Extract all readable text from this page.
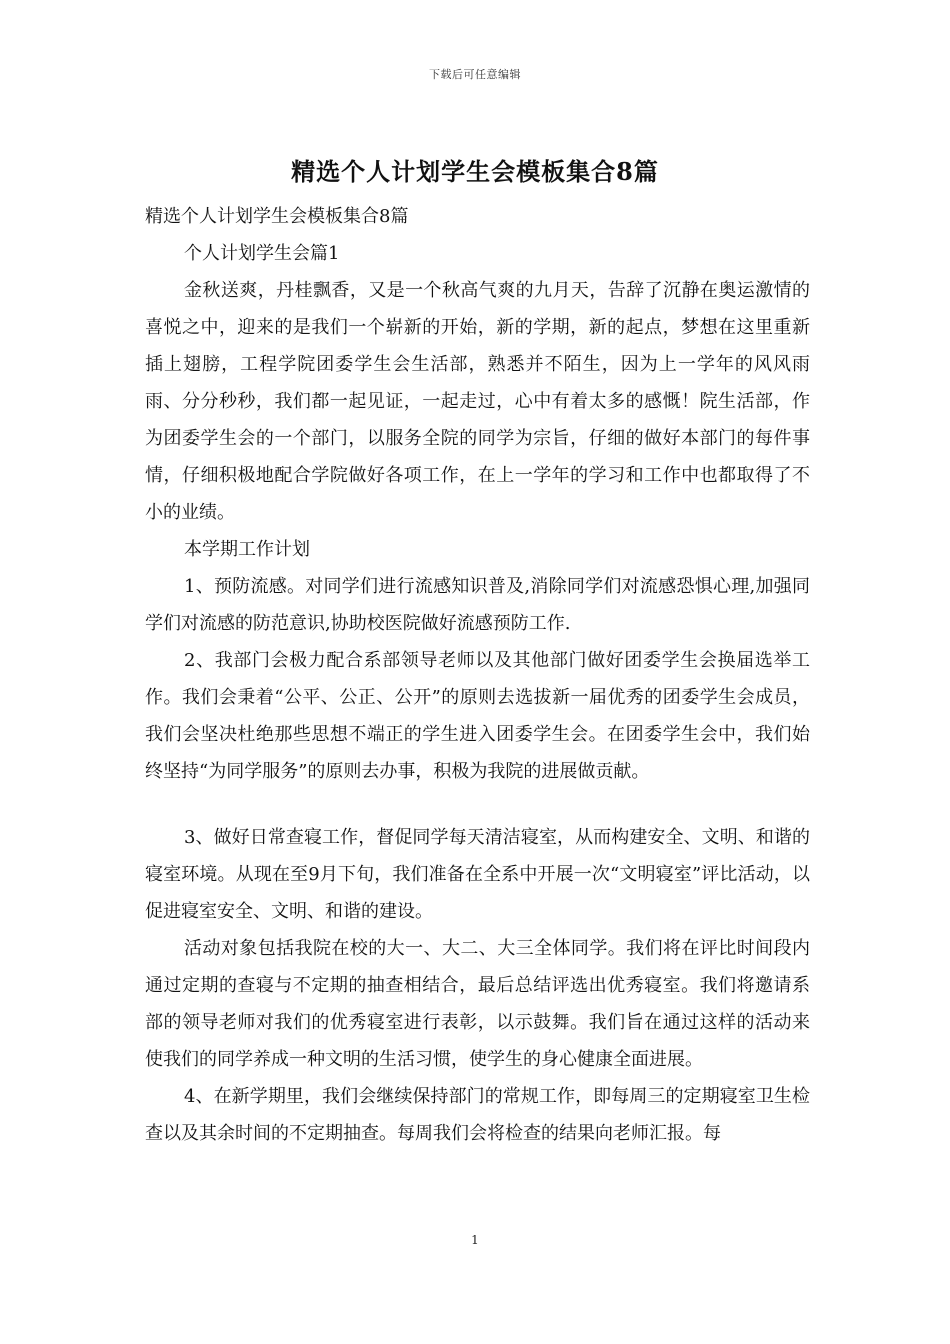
下载后可任意编辑
精选个人计划学生会模板集合8篇

精选个人计划学生会模板集合8篇

个人计划学生会篇1

金秋送爽，丹桂飘香，又是一个秋高气爽的九月天，告辞了沉静在奥运激情的喜悦之中，迎来的是我们一个崭新的开始，新的学期，新的起点，梦想在这里重新插上翅膀，工程学院团委学生会生活部，熟悉并不陌生，因为上一学年的风风雨雨、分分秒秒，我们都一起见证，一起走过，心中有着太多的感慨！院生活部，作为团委学生会的一个部门，以服务全院的同学为宗旨，仔细的做好本部门的每件事情，仔细积极地配合学院做好各项工作，在上一学年的学习和工作中也都取得了不小的业绩。

本学期工作计划

1、预防流感。对同学们进行流感知识普及,消除同学们对流感恐惧心理,加强同学们对流感的防范意识,协助校医院做好流感预防工作.

2、我部门会极力配合系部领导老师以及其他部门做好团委学生会换届选举工作。我们会秉着“公平、公正、公开”的原则去选拔新一届优秀的团委学生会成员，我们会坚决杜绝那些思想不端正的学生进入团委学生会。在团委学生会中，我们始终坚持“为同学服务”的原则去办事，积极为我院的进展做贡献。

3、做好日常查寝工作，督促同学每天清洁寝室，从而构建安全、文明、和谐的寝室环境。从现在至9月下旬，我们准备在全系中开展一次“文明寝室”评比活动，以促进寝室安全、文明、和谐的建设。

活动对象包括我院在校的大一、大二、大三全体同学。我们将在评比时间段内通过定期的查寝与不定期的抽查相结合，最后总结评选出优秀寝室。我们将邀请系部的领导老师对我们的优秀寝室进行表彰，以示鼓舞。我们旨在通过这样的活动来使我们的同学养成一种文明的生活习惯，使学生的身心健康全面进展。

4、在新学期里，我们会继续保持部门的常规工作，即每周三的定期寝室卫生检查以及其余时间的不定期抽查。每周我们会将检查的结果向老师汇报。每

1
